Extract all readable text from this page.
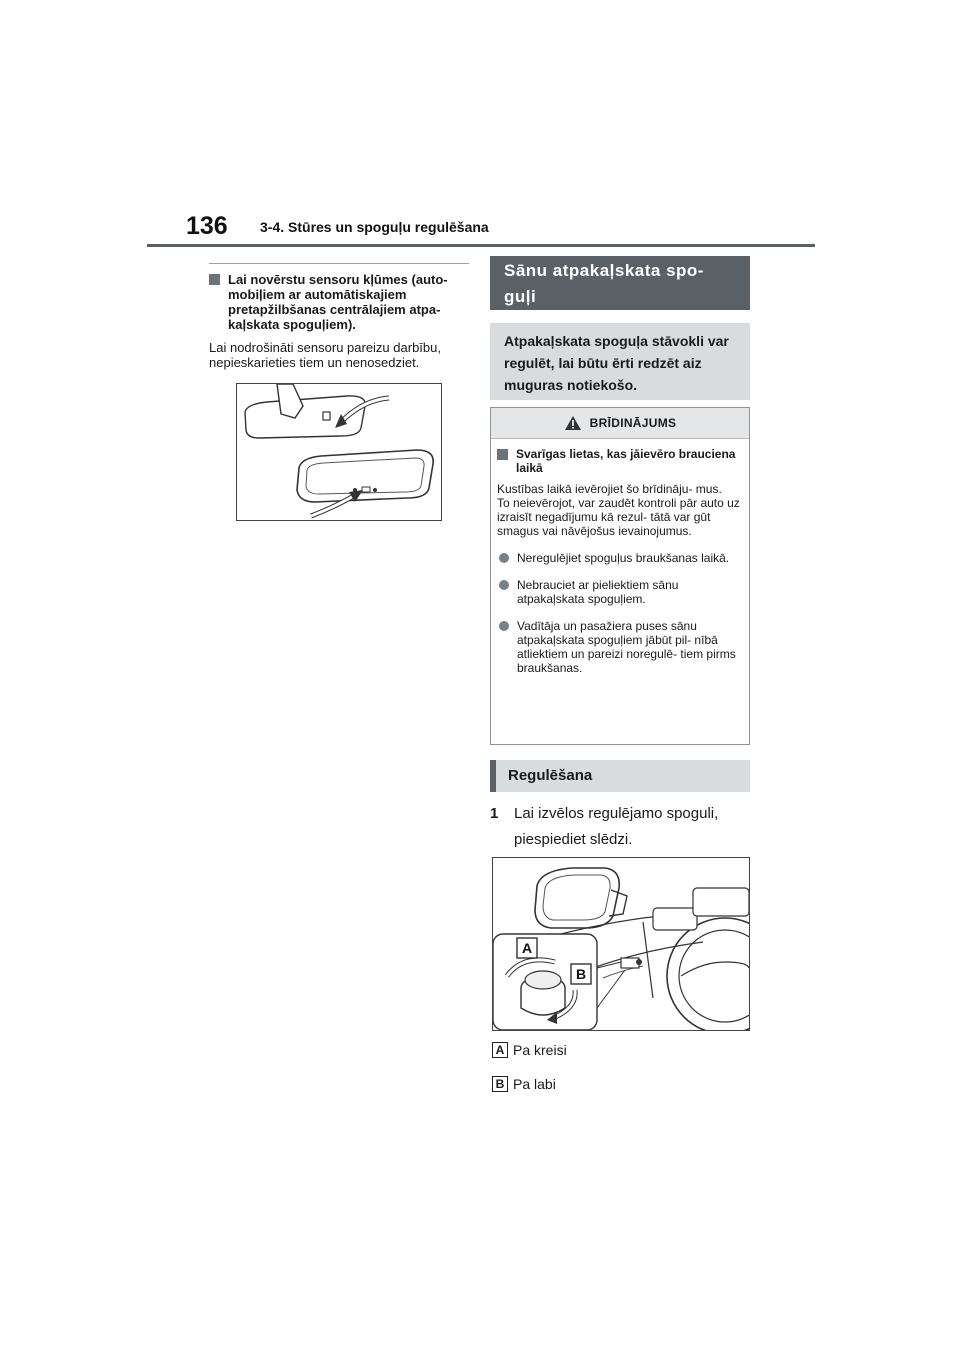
136 3-4. Stūres un spoguļu regulēšana
Lai novērstu sensoru kļūmes (auto- mobiļiem ar automātiskajiem pretapžilbšanas centrālajiem atpa- kaļskata spoguļiem).
Lai nodrošināti sensoru pareizu darbību, nepieskarieties tiem un nenosedziet.
Sānu atpakaļskata spo- guļi
Atpakaļskata spoguļa stāvokli var regulēt, lai būtu ērti redzēt aiz muguras notiekošo.
BRĪDINĀJUMS
Svarīgas lietas, kas jāievēro brauciena laikā
Kustības laikā ievērojiet šo brīdināju- mus.
To neievērojot, var zaudēt kontroli pār auto uz izraisīt negadījumu kā rezul- tātā var gūt smagus vai nāvējošus ievainojumus.
Neregulējiet spoguļus braukšanas laikā.
Nebrauciet ar pieliektiem sānu atpakaļskata spoguļiem.
Vadītāja un pasažiera puses sānu atpakaļskata spoguļiem jābūt pil- nībā atliektiem un pareizi noregulē- tiem pirms braukšanas.
Regulēšana
1	Lai izvēlos regulējamo spoguli, piespiediet slēdzi.
A
B
A Pa kreisi
B Pa labi
